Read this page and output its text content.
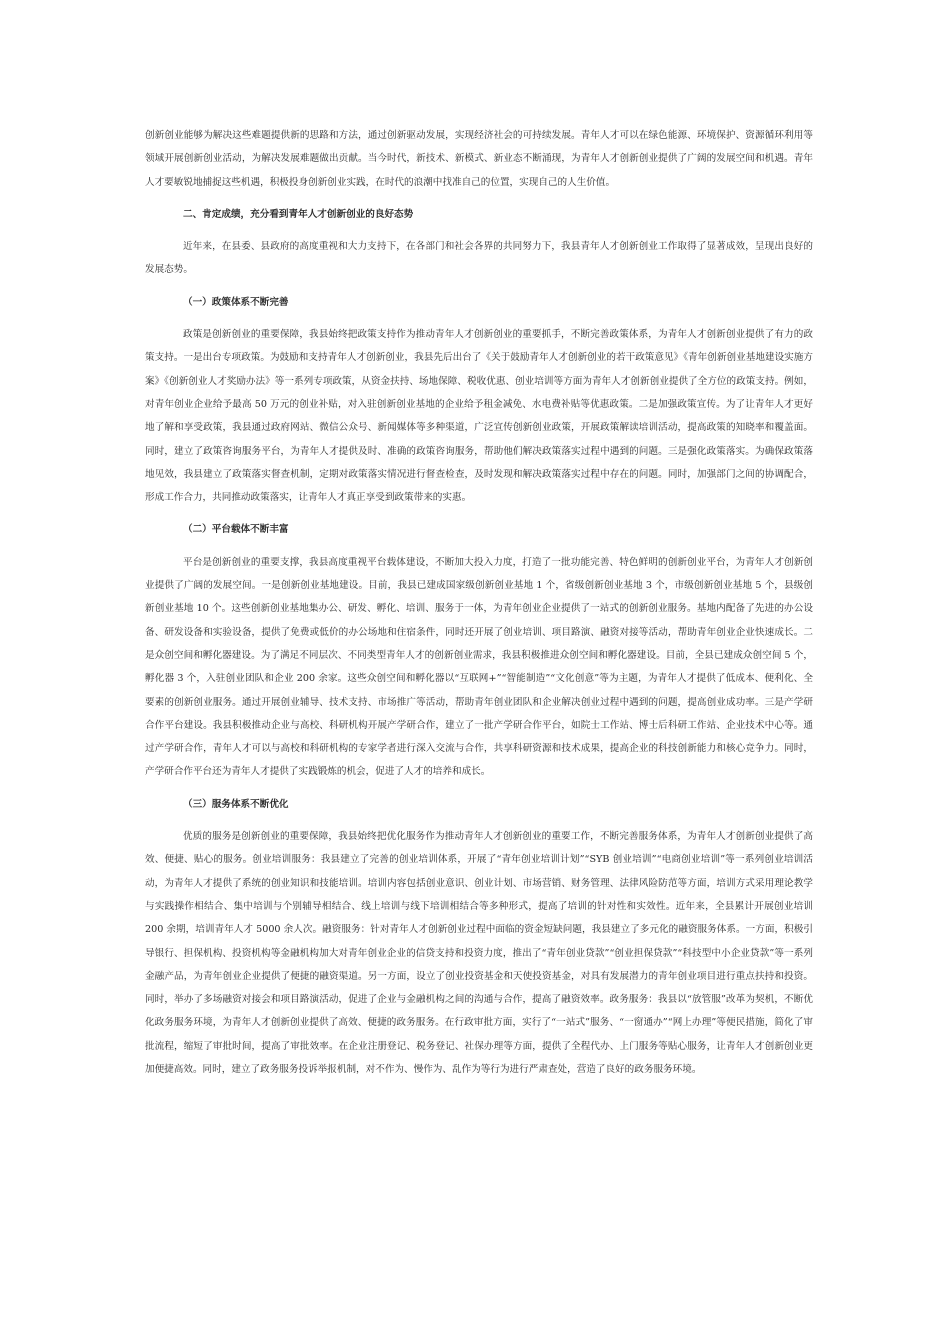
创新创业能够为解决这些难题提供新的思路和方法，通过创新驱动发展，实现经济社会的可持续发展。青年人才可以在绿色能源、环境保护、资源循环利用等领域开展创新创业活动，为解决发展难题做出贡献。当今时代，新技术、新模式、新业态不断涌现，为青年人才创新创业提供了广阔的发展空间和机遇。青年人才要敏锐地捕捉这些机遇，积极投身创新创业实践，在时代的浪潮中找准自己的位置，实现自己的人生价值。

二、肯定成绩，充分看到青年人才创新创业的良好态势

近年来，在县委、县政府的高度重视和大力支持下，在各部门和社会各界的共同努力下，我县青年人才创新创业工作取得了显著成效，呈现出良好的发展态势。

（一）政策体系不断完善

政策是创新创业的重要保障，我县始终把政策支持作为推动青年人才创新创业的重要抓手，不断完善政策体系，为青年人才创新创业提供了有力的政策支持。一是出台专项政策。为鼓励和支持青年人才创新创业，我县先后出台了《关于鼓励青年人才创新创业的若干政策意见》《青年创新创业基地建设实施方案》《创新创业人才奖励办法》等一系列专项政策，从资金扶持、场地保障、税收优惠、创业培训等方面为青年人才创新创业提供了全方位的政策支持。例如，对青年创业企业给予最高 50 万元的创业补贴，对入驻创新创业基地的企业给予租金减免、水电费补贴等优惠政策。二是加强政策宣传。为了让青年人才更好地了解和享受政策，我县通过政府网站、微信公众号、新闻媒体等多种渠道，广泛宣传创新创业政策，开展政策解读培训活动，提高政策的知晓率和覆盖面。同时，建立了政策咨询服务平台，为青年人才提供及时、准确的政策咨询服务，帮助他们解决政策落实过程中遇到的问题。三是强化政策落实。为确保政策落地见效，我县建立了政策落实督查机制，定期对政策落实情况进行督查检查，及时发现和解决政策落实过程中存在的问题。同时，加强部门之间的协调配合，形成工作合力，共同推动政策落实，让青年人才真正享受到政策带来的实惠。

（二）平台载体不断丰富

平台是创新创业的重要支撑，我县高度重视平台载体建设，不断加大投入力度，打造了一批功能完善、特色鲜明的创新创业平台，为青年人才创新创业提供了广阔的发展空间。一是创新创业基地建设。目前，我县已建成国家级创新创业基地 1 个，省级创新创业基地 3 个，市级创新创业基地 5 个，县级创新创业基地 10 个。这些创新创业基地集办公、研发、孵化、培训、服务于一体，为青年创业企业提供了一站式的创新创业服务。基地内配备了先进的办公设备、研发设备和实验设备，提供了免费或低价的办公场地和住宿条件，同时还开展了创业培训、项目路演、融资对接等活动，帮助青年创业企业快速成长。二是众创空间和孵化器建设。为了满足不同层次、不同类型青年人才的创新创业需求，我县积极推进众创空间和孵化器建设。目前，全县已建成众创空间 5 个，孵化器 3 个，入驻创业团队和企业 200 余家。这些众创空间和孵化器以“互联网+”“智能制造”“文化创意”等为主题，为青年人才提供了低成本、便利化、全要素的创新创业服务。通过开展创业辅导、技术支持、市场推广等活动，帮助青年创业团队和企业解决创业过程中遇到的问题，提高创业成功率。三是产学研合作平台建设。我县积极推动企业与高校、科研机构开展产学研合作，建立了一批产学研合作平台，如院士工作站、博士后科研工作站、企业技术中心等。通过产学研合作，青年人才可以与高校和科研机构的专家学者进行深入交流与合作，共享科研资源和技术成果，提高企业的科技创新能力和核心竞争力。同时，产学研合作平台还为青年人才提供了实践锻炼的机会，促进了人才的培养和成长。

（三）服务体系不断优化

优质的服务是创新创业的重要保障，我县始终把优化服务作为推动青年人才创新创业的重要工作，不断完善服务体系，为青年人才创新创业提供了高效、便捷、贴心的服务。创业培训服务：我县建立了完善的创业培训体系，开展了“青年创业培训计划”“SYB 创业培训”“电商创业培训”等一系列创业培训活动，为青年人才提供了系统的创业知识和技能培训。培训内容包括创业意识、创业计划、市场营销、财务管理、法律风险防范等方面，培训方式采用理论教学与实践操作相结合、集中培训与个别辅导相结合、线上培训与线下培训相结合等多种形式，提高了培训的针对性和实效性。近年来，全县累计开展创业培训 200 余期，培训青年人才 5000 余人次。融资服务：针对青年人才创新创业过程中面临的资金短缺问题，我县建立了多元化的融资服务体系。一方面，积极引导银行、担保机构、投资机构等金融机构加大对青年创业企业的信贷支持和投资力度，推出了“青年创业贷款”“创业担保贷款”“科技型中小企业贷款”等一系列金融产品，为青年创业企业提供了便捷的融资渠道。另一方面，设立了创业投资基金和天使投资基金，对具有发展潜力的青年创业项目进行重点扶持和投资。同时，举办了多场融资对接会和项目路演活动，促进了企业与金融机构之间的沟通与合作，提高了融资效率。政务服务：我县以“放管服”改革为契机，不断优化政务服务环境，为青年人才创新创业提供了高效、便捷的政务服务。在行政审批方面，实行了“一站式”服务、“一窗通办”“网上办理”等便民措施，简化了审批流程，缩短了审批时间，提高了审批效率。在企业注册登记、税务登记、社保办理等方面，提供了全程代办、上门服务等贴心服务，让青年人才创新创业更加便捷高效。同时，建立了政务服务投诉举报机制，对不作为、慢作为、乱作为等行为进行严肃查处，营造了良好的政务服务环境。
